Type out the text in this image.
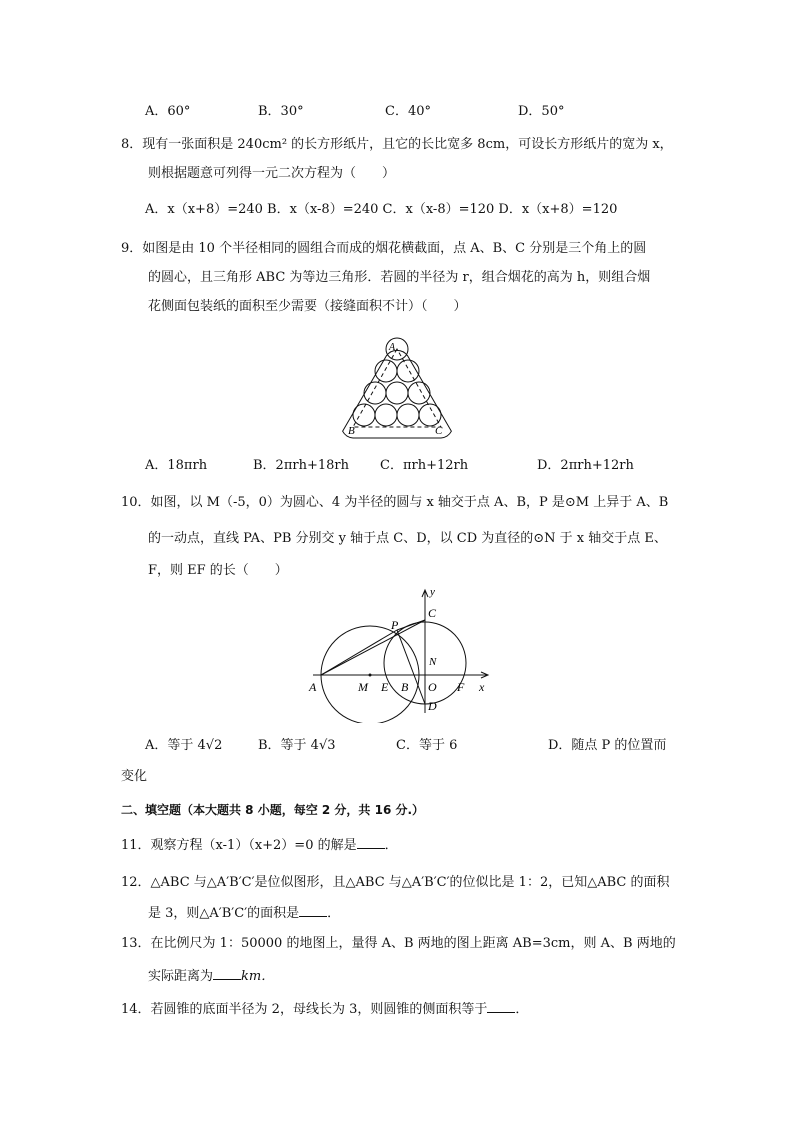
A．60°	B．30°	C．40°	D．50°
8．现有一张面积是 240cm² 的长方形纸片，且它的长比宽多 8cm，可设长方形纸片的宽为 x，
则根据题意可列得一元二次方程为（　　）
A．x（x+8）=240 B．x（x-8）=240 C．x（x-8）=120 D．x（x+8）=120
9．如图是由 10 个半径相同的圆组合而成的烟花横截面，点 A、B、C 分别是三个角上的圆
的圆心，且三角形 ABC 为等边三角形．若圆的半径为 r，组合烟花的高为 h，则组合烟
花侧面包装纸的面积至少需要（接缝面积不计）（　　）
A
B	C
A．18πrh	B．2πrh+18rh C．πrh+12rh	D．2πrh+12rh
10．如图，以 M（-5，0）为圆心、4 为半径的圆与 x 轴交于点 A、B，P 是⊙M 上异于 A、B
的一动点，直线 PA、PB 分别交 y 轴于点 C、D，以 CD 为直径的⊙N 于 x 轴交于点 E、
F，则 EF 的长（　　）
y
x
C
P
N
A	M E B O F
D
A．等于 4√2	B．等于 4√3	C．等于 6	D．随点 P 的位置而
变化
二、填空题（本大题共 8 小题，每空 2 分，共 16 分.）
11．观察方程（x-1）（x+2）=0 的解是 ．
12．△ABC 与△A′B′C′是位似图形，且△ABC 与△A′B′C′的位似比是 1：2，已知△ABC 的面积
是 3，则△A′B′C′的面积是 ．
13．在比例尺为 1：50000 的地图上，量得 A、B 两地的图上距离 AB=3cm，则 A、B 两地的
实际距离为 km．
14．若圆锥的底面半径为 2，母线长为 3，则圆锥的侧面积等于 ．
